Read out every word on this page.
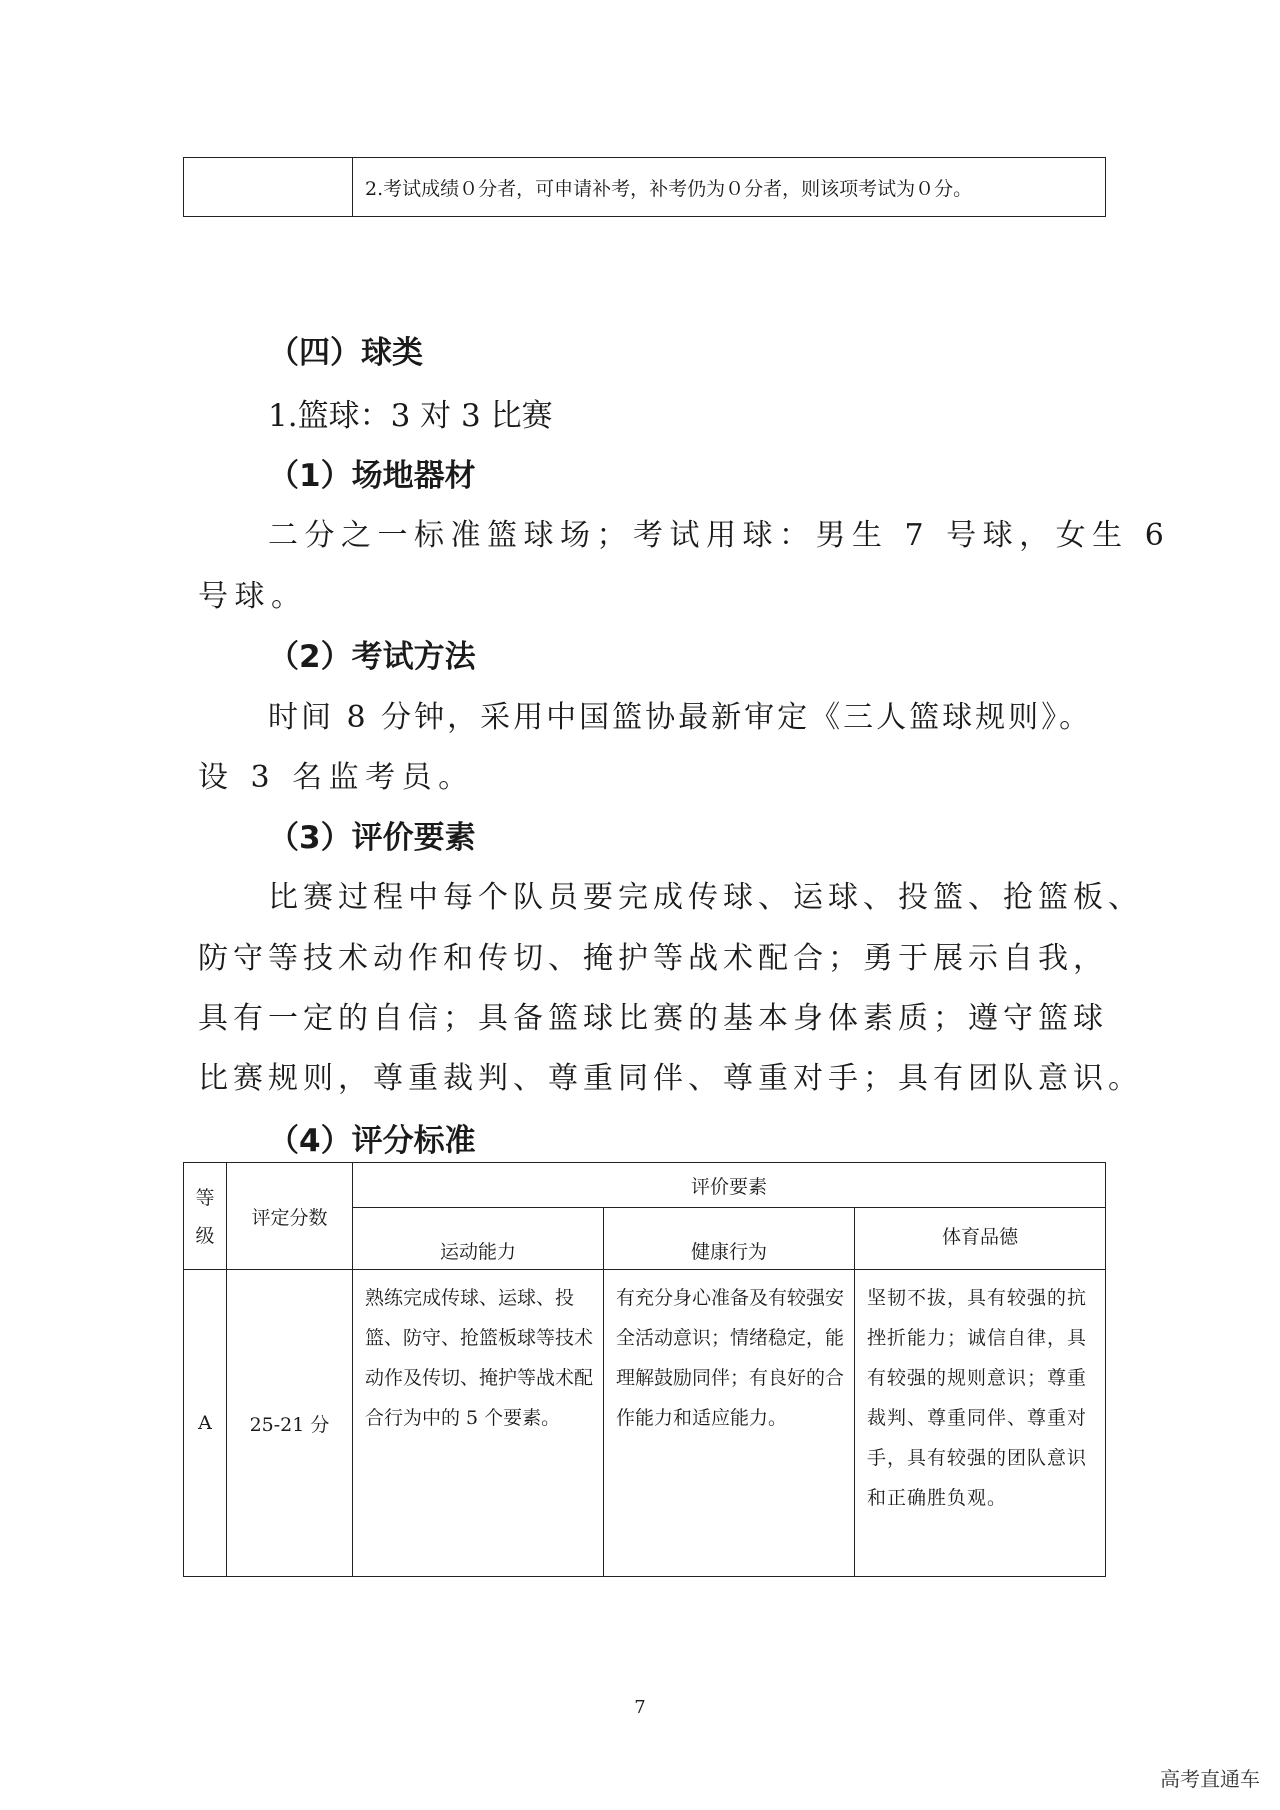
	2.考试成绩０分者，可申请补考，补考仍为０分者，则该项考试为０分。
（四）球类
1.篮球：3 对 3 比赛
（1）场地器材
二分之一标准篮球场；考试用球：男生 7 号球，女生 6
号球。
（2）考试方法
时间 8 分钟，采用中国篮协最新审定《三人篮球规则》。
设 3 名监考员。
（3）评价要素
比赛过程中每个队员要完成传球、运球、投篮、抢篮板、
防守等技术动作和传切、掩护等战术配合；勇于展示自我，
具有一定的自信；具备篮球比赛的基本身体素质；遵守篮球
比赛规则，尊重裁判、尊重同伴、尊重对手；具有团队意识。
（4）评分标准
等级	评定分数	评价要素		
		运动能力	健康行为	体育品德
A	25-21 分	熟练完成传球、运球、投篮、防守、抢篮板球等技术动作及传切、掩护等战术配合行为中的 5 个要素。	有充分身心准备及有较强安全活动意识；情绪稳定，能理解鼓励同伴；有良好的合作能力和适应能力。	坚韧不拔，具有较强的抗挫折能力；诚信自律，具有较强的规则意识；尊重裁判、尊重同伴、尊重对手，具有较强的团队意识和正确胜负观。
7
高考直通车
